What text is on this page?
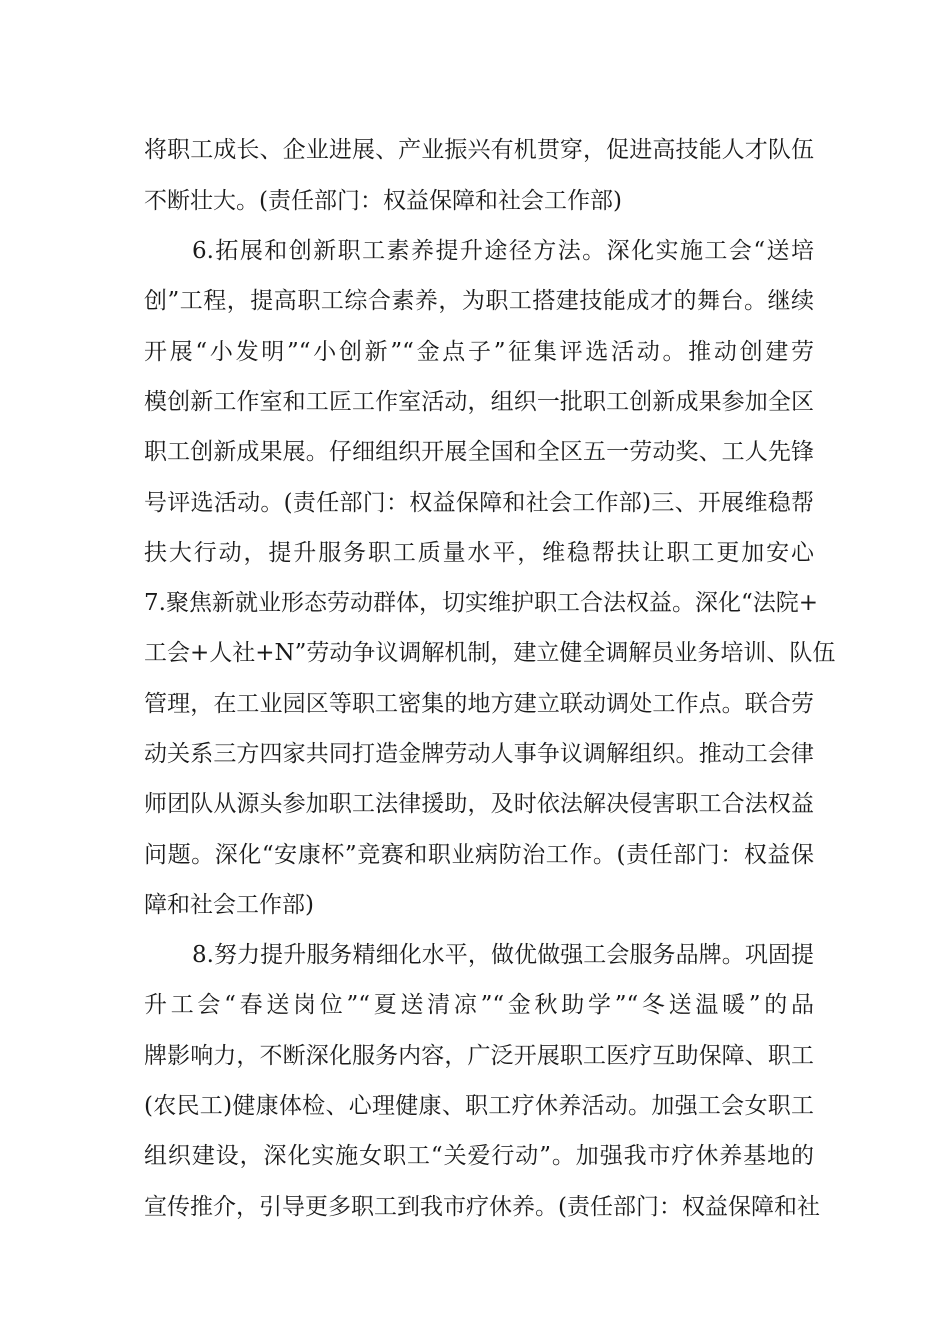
将职工成长、企业进展、产业振兴有机贯穿，促进高技能人才队伍
不断壮大。(责任部门：权益保障和社会工作部)
6.拓展和创新职工素养提升途径方法。深化实施工会“送培
创”工程，提高职工综合素养，为职工搭建技能成才的舞台。继续
开展“小发明”“小创新”“金点子”征集评选活动。推动创建劳
模创新工作室和工匠工作室活动，组织一批职工创新成果参加全区
职工创新成果展。仔细组织开展全国和全区五一劳动奖、工人先锋
号评选活动。(责任部门：权益保障和社会工作部)三、开展维稳帮
扶大行动，提升服务职工质量水平，维稳帮扶让职工更加安心
7.聚焦新就业形态劳动群体，切实维护职工合法权益。深化“法院+
工会+人社+N”劳动争议调解机制，建立健全调解员业务培训、队伍
管理，在工业园区等职工密集的地方建立联动调处工作点。联合劳
动关系三方四家共同打造金牌劳动人事争议调解组织。推动工会律
师团队从源头参加职工法律援助，及时依法解决侵害职工合法权益
问题。深化“安康杯”竞赛和职业病防治工作。(责任部门：权益保
障和社会工作部)
8.努力提升服务精细化水平，做优做强工会服务品牌。巩固提
升工会“春送岗位”“夏送清凉”“金秋助学”“冬送温暖”的品
牌影响力，不断深化服务内容，广泛开展职工医疗互助保障、职工
(农民工)健康体检、心理健康、职工疗休养活动。加强工会女职工
组织建设，深化实施女职工“关爱行动”。加强我市疗休养基地的
宣传推介，引导更多职工到我市疗休养。(责任部门：权益保障和社
